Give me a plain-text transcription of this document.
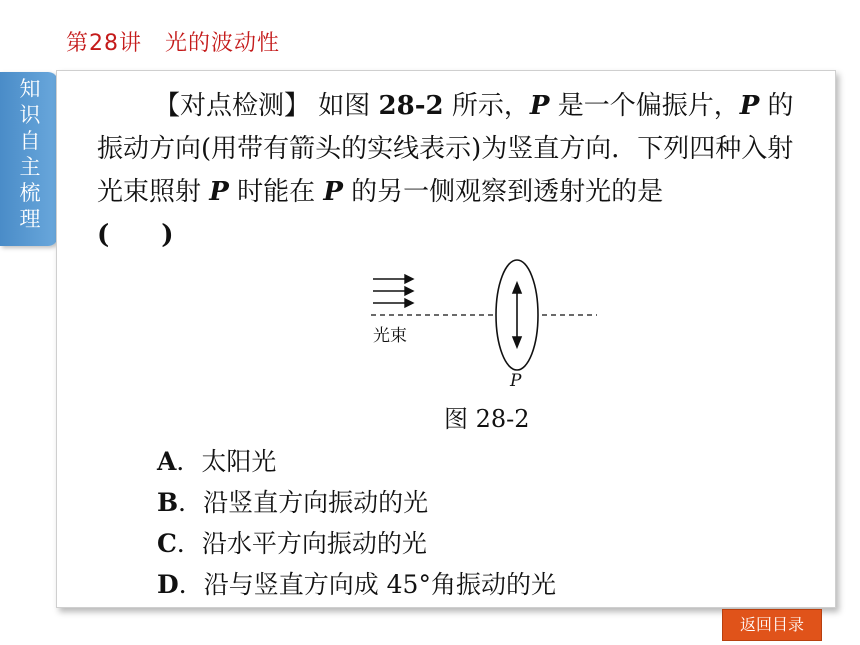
第28讲　光的波动性
知识自主梳理
【对点检测】 如图 28-2 所示，P 是一个偏振片，P 的振动方向(用带有箭头的实线表示)为竖直方向．下列四种入射光束照射 P 时能在 P 的另一侧观察到透射光的是
(　　)
光束
P
图 28-2
A．太阳光
B．沿竖直方向振动的光
C．沿水平方向振动的光
D．沿与竖直方向成 45°角振动的光
返回目录
